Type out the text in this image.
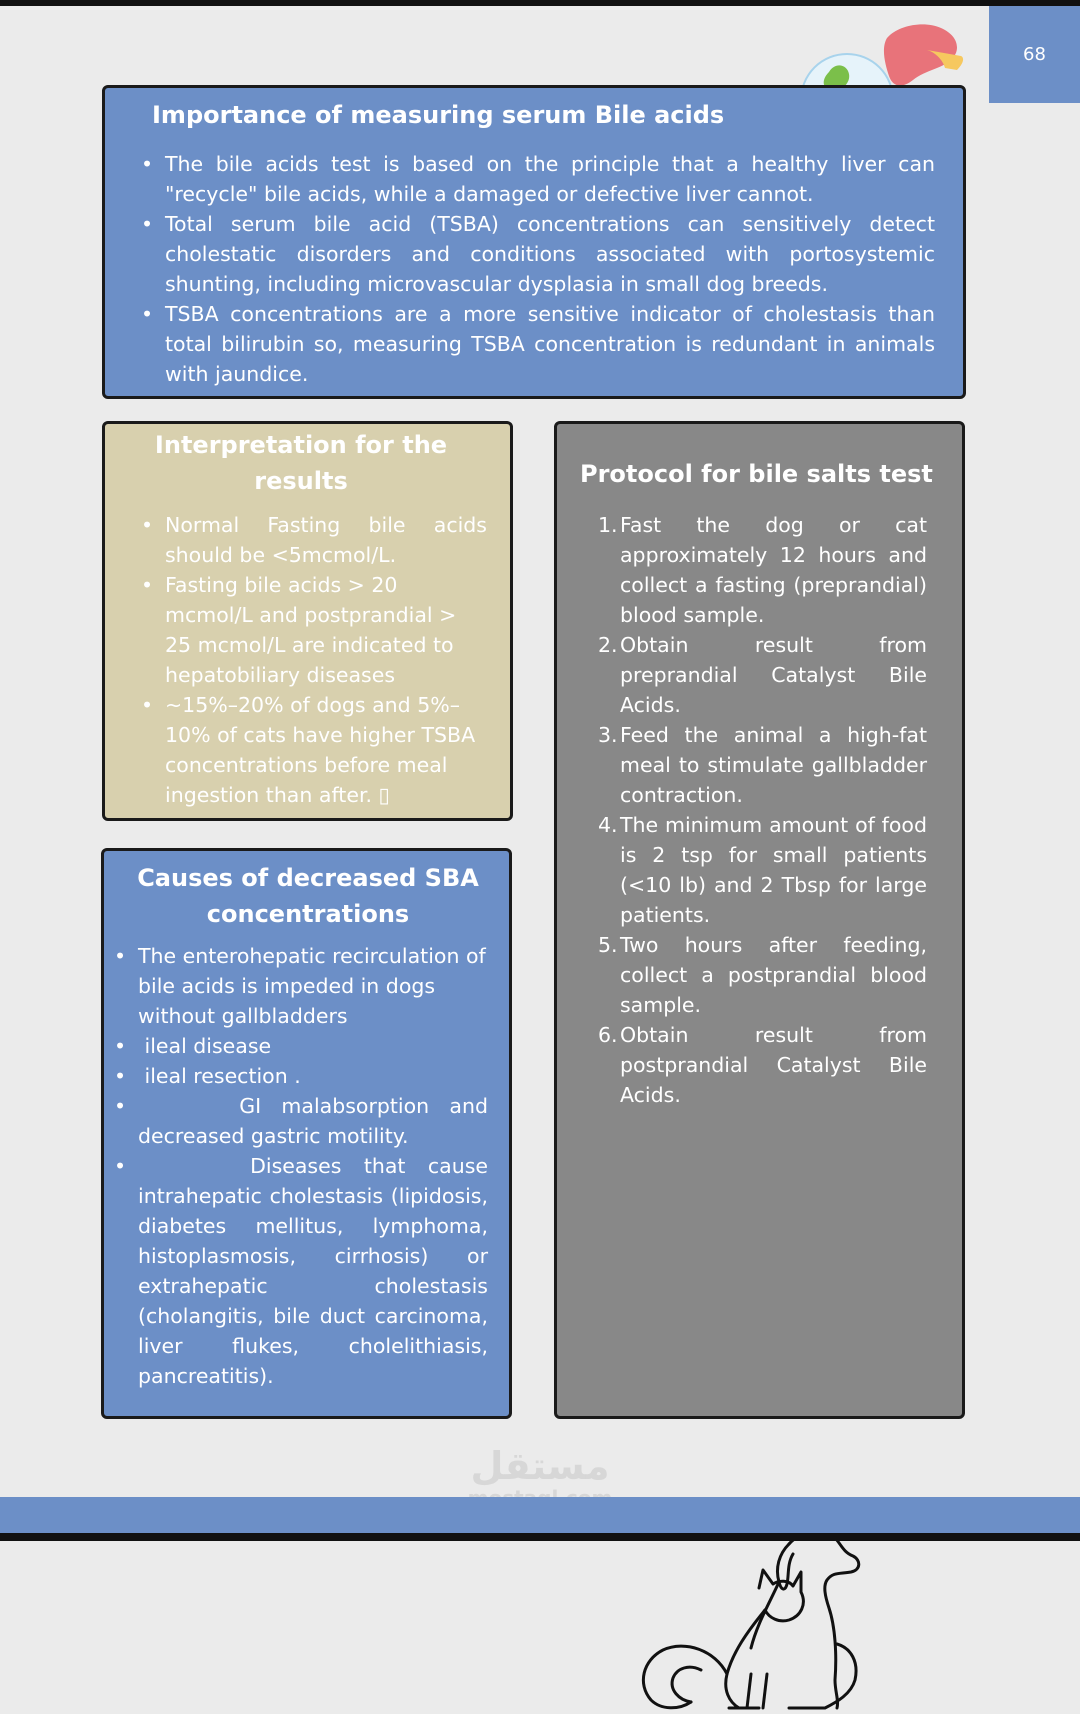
68
Importance of measuring serum Bile acids
• The bile acids test is based on the principle that a healthy liver can "recycle" bile acids, while a damaged or defective liver cannot.
• Total serum bile acid (TSBA) concentrations can sensitively detect cholestatic disorders and conditions associated with portosystemic shunting, including microvascular dysplasia in small dog breeds.
• TSBA concentrations are a more sensitive indicator of cholestasis than total bilirubin so, measuring TSBA concentration is redundant in animals with jaundice.
Interpretation for the results
• Normal Fasting bile acids should be <5mcmol/L.
• Fasting bile acids > 20 mcmol/L and postprandial > 25 mcmol/L are indicated to hepatobiliary diseases
• ~15%–20% of dogs and 5%–10% of cats have higher TSBA concentrations before meal ingestion than after. ▯
Protocol for bile salts test
1. Fast the dog or cat approximately 12 hours and collect a fasting (preprandial) blood sample.
2. Obtain result from preprandial Catalyst Bile Acids.
3. Feed the animal a high-fat meal to stimulate gallbladder contraction.
4. The minimum amount of food is 2 tsp for small patients (<10 lb) and 2 Tbsp for large patients.
5. Two hours after feeding, collect a postprandial blood sample.
6. Obtain result from postprandial Catalyst Bile Acids.
Causes of decreased SBA concentrations
• The enterohepatic recirculation of bile acids is impeded in dogs without gallbladders
•  ileal disease
•  ileal resection .
•      GI malabsorption and decreased gastric motility.
•      Diseases that cause intrahepatic cholestasis (lipidosis, diabetes mellitus, lymphoma, histoplasmosis, cirrhosis) or extrahepatic cholestasis (cholangitis, bile duct carcinoma, liver flukes, cholelithiasis, pancreatitis).
مستقل
